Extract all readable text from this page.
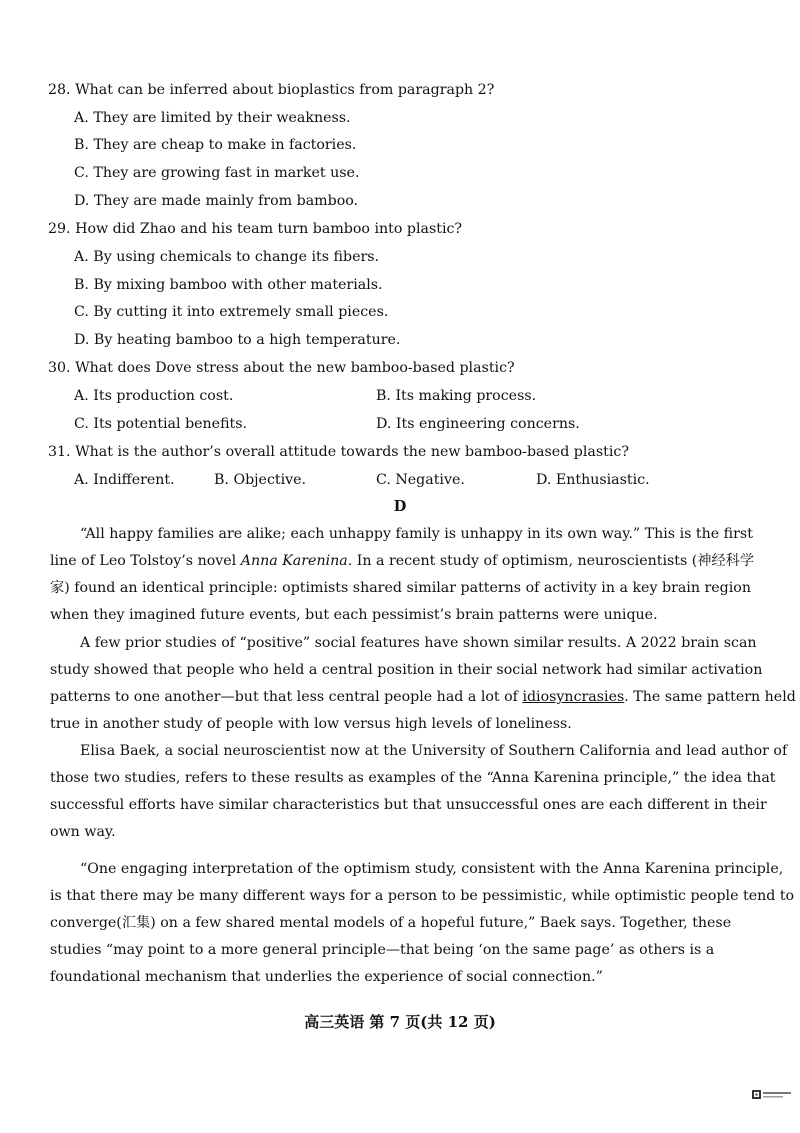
28. What can be inferred about bioplastics from paragraph 2?
A. They are limited by their weakness.
B. They are cheap to make in factories.
C. They are growing fast in market use.
D. They are made mainly from bamboo.
29. How did Zhao and his team turn bamboo into plastic?
A. By using chemicals to change its fibers.
B. By mixing bamboo with other materials.
C. By cutting it into extremely small pieces.
D. By heating bamboo to a high temperature.
30. What does Dove stress about the new bamboo-based plastic?
A. Its production cost.	B. Its making process.
C. Its potential benefits.	D. Its engineering concerns.
31. What is the author’s overall attitude towards the new bamboo-based plastic?
A. Indifferent.	B. Objective.	C. Negative.	D. Enthusiastic.
D
“All happy families are alike; each unhappy family is unhappy in its own way.” This is the first
line of Leo Tolstoy’s novel Anna Karenina. In a recent study of optimism, neuroscientists (神经科学
家) found an identical principle: optimists shared similar patterns of activity in a key brain region
when they imagined future events, but each pessimist’s brain patterns were unique.
A few prior studies of “positive” social features have shown similar results. A 2022 brain scan
study showed that people who held a central position in their social network had similar activation
patterns to one another—but that less central people had a lot of idiosyncrasies. The same pattern held
true in another study of people with low versus high levels of loneliness.
Elisa Baek, a social neuroscientist now at the University of Southern California and lead author of
those two studies, refers to these results as examples of the “Anna Karenina principle,” the idea that
successful efforts have similar characteristics but that unsuccessful ones are each different in their
own way.
“One engaging interpretation of the optimism study, consistent with the Anna Karenina principle,
is that there may be many different ways for a person to be pessimistic, while optimistic people tend to
converge(汇集) on a few shared mental models of a hopeful future,” Baek says. Together, these
studies “may point to a more general principle—that being ‘on the same page’ as others is a
foundational mechanism that underlies the experience of social connection.”
高三英语 第 7 页(共 12 页)
